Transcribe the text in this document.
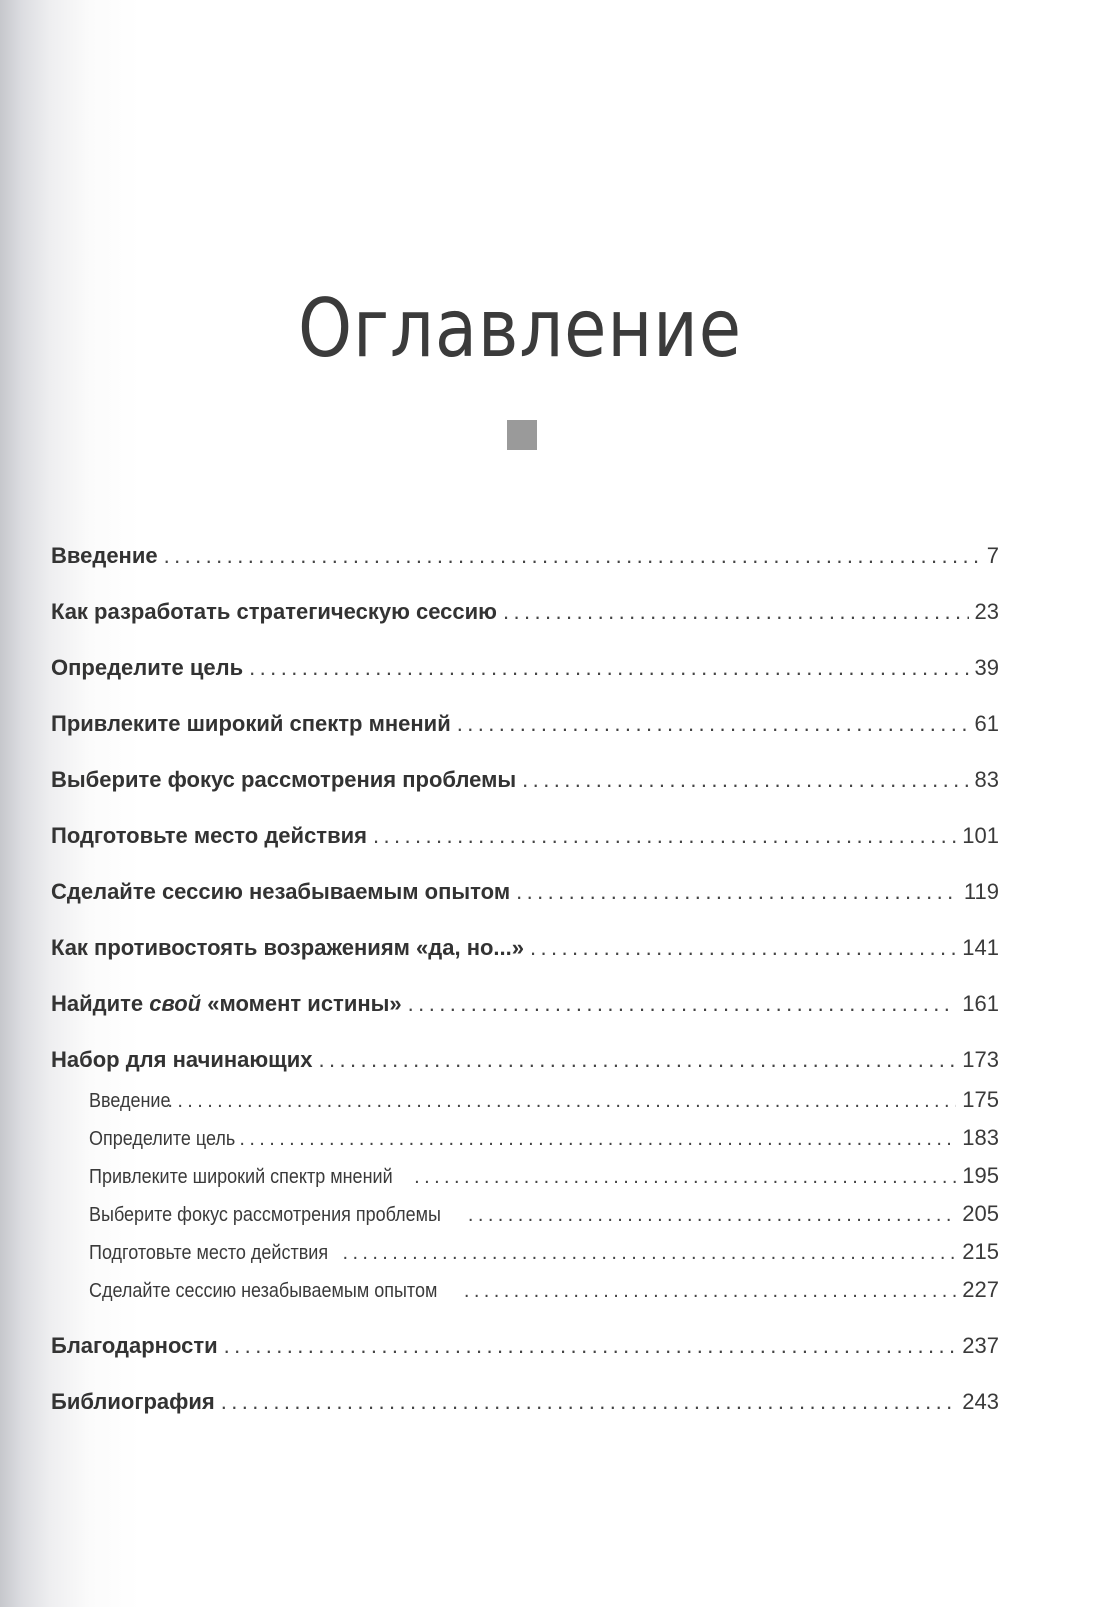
Оглавление
Введение .....	7
Как разработать стратегическую сессию .....	23
Определите цель .....	39
Привлеките широкий спектр мнений .....	61
Выберите фокус рассмотрения проблемы .....	83
Подготовьте место действия .....	101
Сделайте сессию незабываемым опытом .....	119
Как противостоять возражениям «да, но...» .....	141
Найдите свой «момент истины» .....	161
Набор для начинающих .....	173
Введение .....	175
Определите цель .....	183
Привлеките широкий спектр мнений .....	195
Выберите фокус рассмотрения проблемы .....	205
Подготовьте место действия .....	215
Сделайте сессию незабываемым опытом .....	227
Благодарности .....	237
Библиография .....	243
